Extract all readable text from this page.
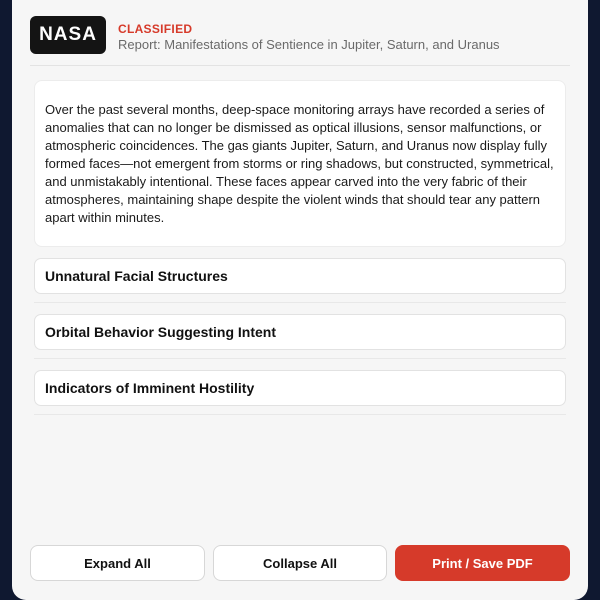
NASA	CLASSIFIED
Report: Manifestations of Sentience in Jupiter, Saturn, and Uranus

Over the past several months, deep-space monitoring arrays have recorded a series of anomalies that can no longer be dismissed as optical illusions, sensor malfunctions, or atmospheric coincidences. The gas giants Jupiter, Saturn, and Uranus now display fully formed faces—not emergent from storms or ring shadows, but constructed, symmetrical, and unmistakably intentional. These faces appear carved into the very fabric of their atmospheres, maintaining shape despite the violent winds that should tear any pattern apart within minutes.

Unnatural Facial Structures
Orbital Behavior Suggesting Intent
Indicators of Imminent Hostility
Expand All	Collapse All	Print / Save PDF
